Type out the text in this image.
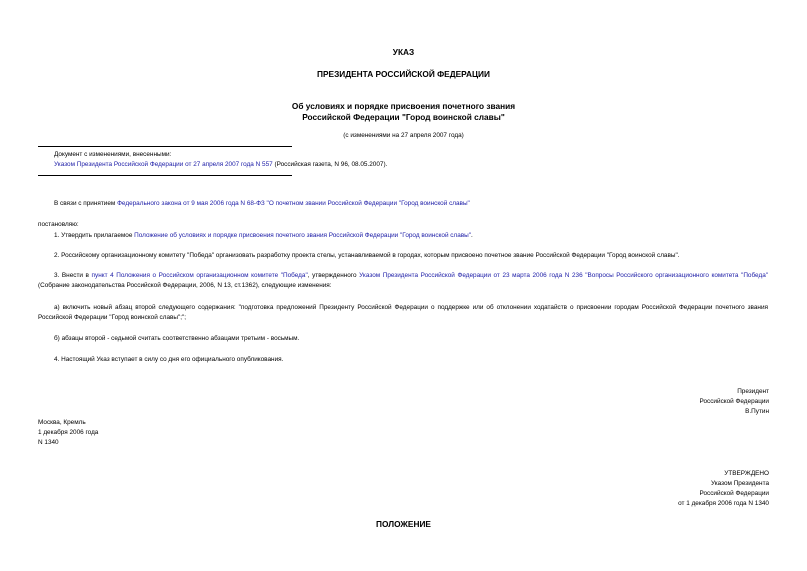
УКАЗ
ПРЕЗИДЕНТА РОССИЙСКОЙ ФЕДЕРАЦИИ
Об условиях и порядке присвоения почетного звания
Российской Федерации "Город воинской славы"
(с изменениями на 27 апреля 2007 года)
Документ с изменениями, внесенными:
Указом Президента Российской Федерации от 27 апреля 2007 года N 557 (Российская газета, N 96, 08.05.2007).
В связи с принятием Федерального закона от 9 мая 2006 года N 68-ФЗ "О почетном звании Российской Федерации "Город воинской славы"
постановляю:
1. Утвердить прилагаемое Положение об условиях и порядке присвоения почетного звания Российской Федерации "Город воинской славы".
2. Российскому организационному комитету "Победа" организовать разработку проекта стелы, устанавливаемой в городах, которым присвоено почетное звание Российской Федерации "Город воинской славы".
3. Внести в пункт 4 Положения о Российском организационном комитете "Победа", утвержденного Указом Президента Российской Федерации от 23 марта 2006 года N 236 "Вопросы Российского организационного комитета "Победа" (Собрание законодательства Российской Федерации, 2006, N 13, ст.1362), следующие изменения:
а) включить новый абзац второй следующего содержания: "подготовка предложений Президенту Российской Федерации о поддержке или об отклонении ходатайств о присвоении городам Российской Федерации почетного звания Российской Федерации "Город воинской славы";";
б) абзацы второй - седьмой считать соответственно абзацами третьим - восьмым.
4. Настоящий Указ вступает в силу со дня его официального опубликования.
Президент
Российской Федерации
В.Путин
Москва, Кремль
1 декабря 2006 года
N 1340
УТВЕРЖДЕНО
Указом Президента
Российской Федерации
от 1 декабря 2006 года N 1340
ПОЛОЖЕНИЕ
